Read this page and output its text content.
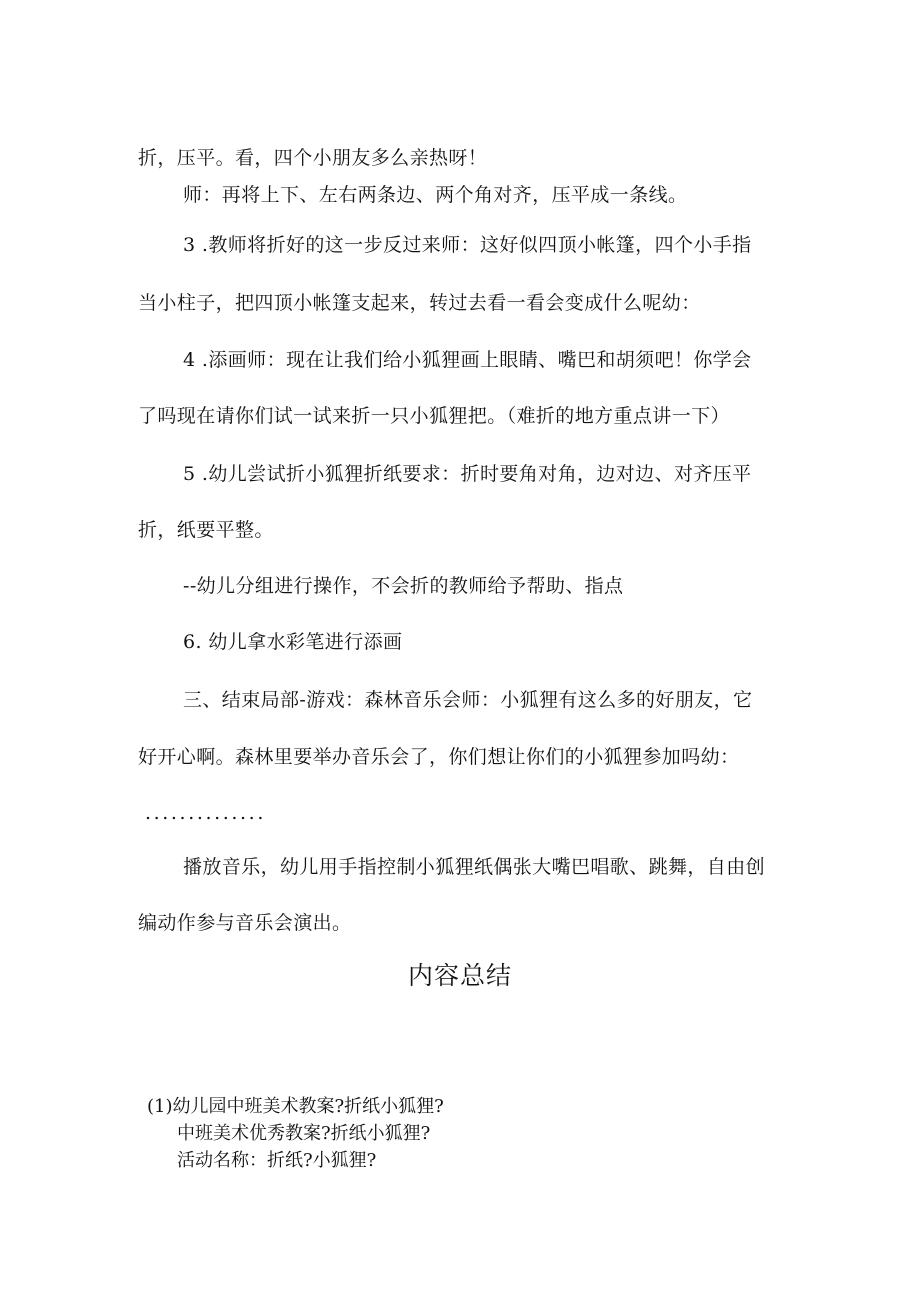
折，压平。看，四个小朋友多么亲热呀！
师：再将上下、左右两条边、两个角对齐，压平成一条线。
3 .教师将折好的这一步反过来师：这好似四顶小帐篷，四个小手指
当小柱子，把四顶小帐篷支起来，转过去看一看会变成什么呢幼：
4 .添画师：现在让我们给小狐狸画上眼睛、嘴巴和胡须吧！你学会
了吗现在请你们试一试来折一只小狐狸把。（难折的地方重点讲一下）
5 .幼儿尝试折小狐狸折纸要求：折时要角对角，边对边、对齐压平
折，纸要平整。
--幼儿分组进行操作，不会折的教师给予帮助、指点
6. 幼儿拿水彩笔进行添画
三、结束局部-游戏：森林音乐会师：小狐狸有这么多的好朋友，它
好开心啊。森林里要举办音乐会了，你们想让你们的小狐狸参加吗幼：
..............
播放音乐，幼儿用手指控制小狐狸纸偶张大嘴巴唱歌、跳舞，自由创
编动作参与音乐会演出。
内容总结
(1)幼儿园中班美术教案?折纸小狐狸?
中班美术优秀教案?折纸小狐狸?
活动名称：折纸?小狐狸?
